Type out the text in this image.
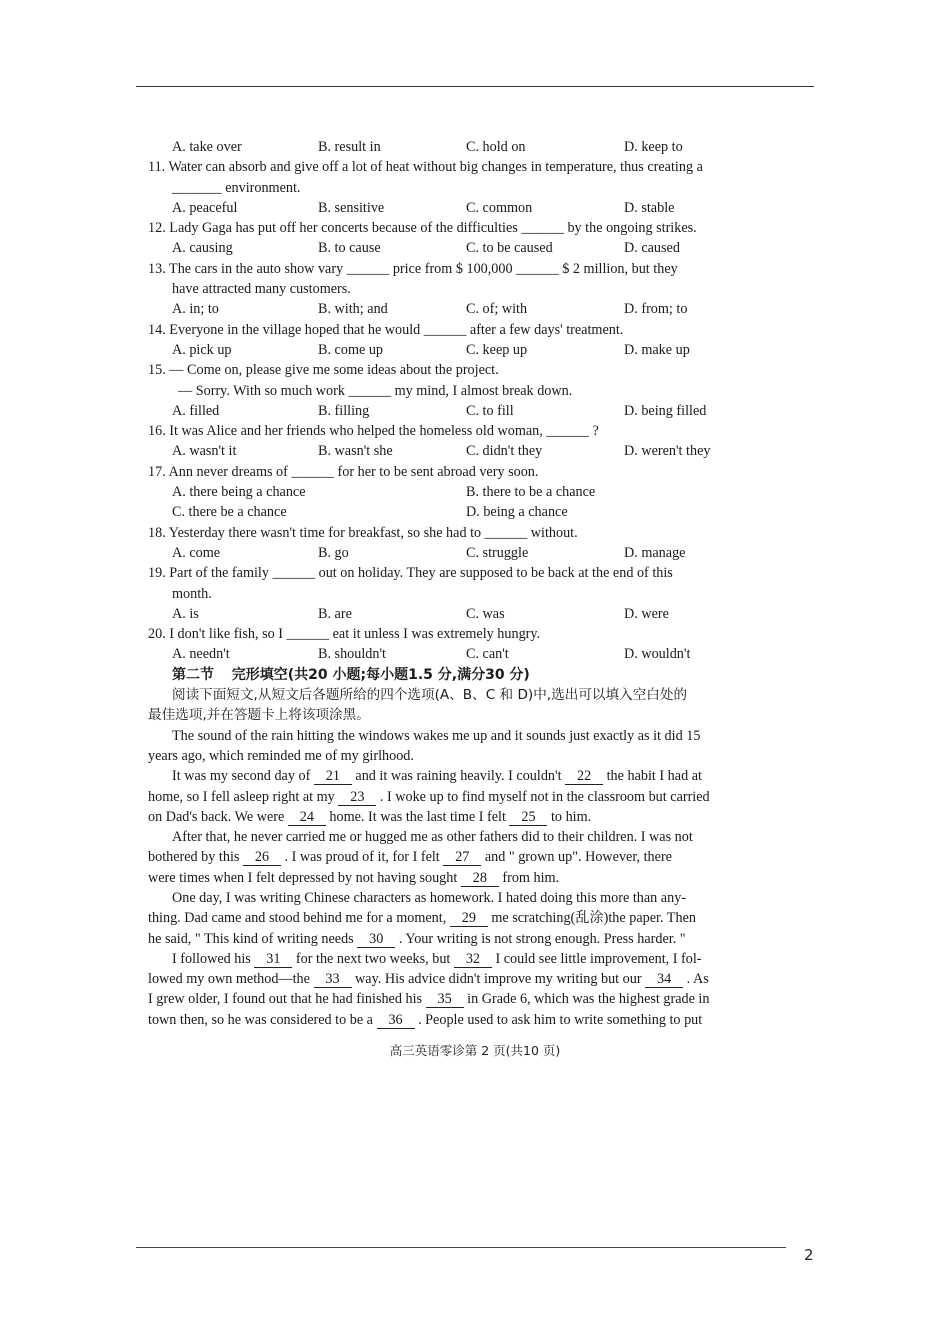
A. take over	B. result in	C. hold on	D. keep to
11. Water can absorb and give off a lot of heat without big changes in temperature, thus creating a
_______ environment.
A. peaceful	B. sensitive	C. common	D. stable
12. Lady Gaga has put off her concerts because of the difficulties ______ by the ongoing strikes.
A. causing	B. to cause	C. to be caused	D. caused
13. The cars in the auto show vary ______ price from $ 100,000 ______ $ 2 million, but they
have attracted many customers.
A. in; to	B. with; and	C. of; with	D. from; to
14. Everyone in the village hoped that he would ______ after a few days' treatment.
A. pick up	B. come up	C. keep up	D. make up
15. — Come on, please give me some ideas about the project.
— Sorry. With so much work ______ my mind, I almost break down.
A. filled	B. filling	C. to fill	D. being filled
16. It was Alice and her friends who helped the homeless old woman, ______ ?
A. wasn't it	B. wasn't she	C. didn't they	D. weren't they
17. Ann never dreams of ______ for her to be sent abroad very soon.
A. there being a chance	B. there to be a chance
C. there be a chance	D. being a chance
18. Yesterday there wasn't time for breakfast, so she had to ______ without.
A. come	B. go	C. struggle	D. manage
19. Part of the family ______ out on holiday. They are supposed to be back at the end of this
month.
A. is	B. are	C. was	D. were
20. I don't like fish, so I ______ eat it unless I was extremely hungry.
A. needn't	B. shouldn't	C. can't	D. wouldn't
第二节 完形填空(共20 小题;每小题1.5 分,满分30 分)
阅读下面短文,从短文后各题所给的四个选项(A、B、C 和 D)中,选出可以填入空白处的
最佳选项,并在答题卡上将该项涂黑。
The sound of the rain hitting the windows wakes me up and it sounds just exactly as it did 15
years ago, which reminded me of my girlhood.
It was my second day of 21 and it was raining heavily. I couldn't 22 the habit I had at
home, so I fell asleep right at my 23 . I woke up to find myself not in the classroom but carried
on Dad's back. We were 24 home. It was the last time I felt 25 to him.
After that, he never carried me or hugged me as other fathers did to their children. I was not
bothered by this 26 . I was proud of it, for I felt 27 and " grown up". However, there
were times when I felt depressed by not having sought 28 from him.
One day, I was writing Chinese characters as homework. I hated doing this more than any-
thing. Dad came and stood behind me for a moment, 29 me scratching(乱涂)the paper. Then
he said, " This kind of writing needs 30 . Your writing is not strong enough. Press harder. "
I followed his 31 for the next two weeks, but 32 I could see little improvement, I fol-
lowed my own method—the 33 way. His advice didn't improve my writing but our 34 . As
I grew older, I found out that he had finished his 35 in Grade 6, which was the highest grade in
town then, so he was considered to be a 36 . People used to ask him to write something to put
高三英语零诊第 2 页(共10 页)
2
